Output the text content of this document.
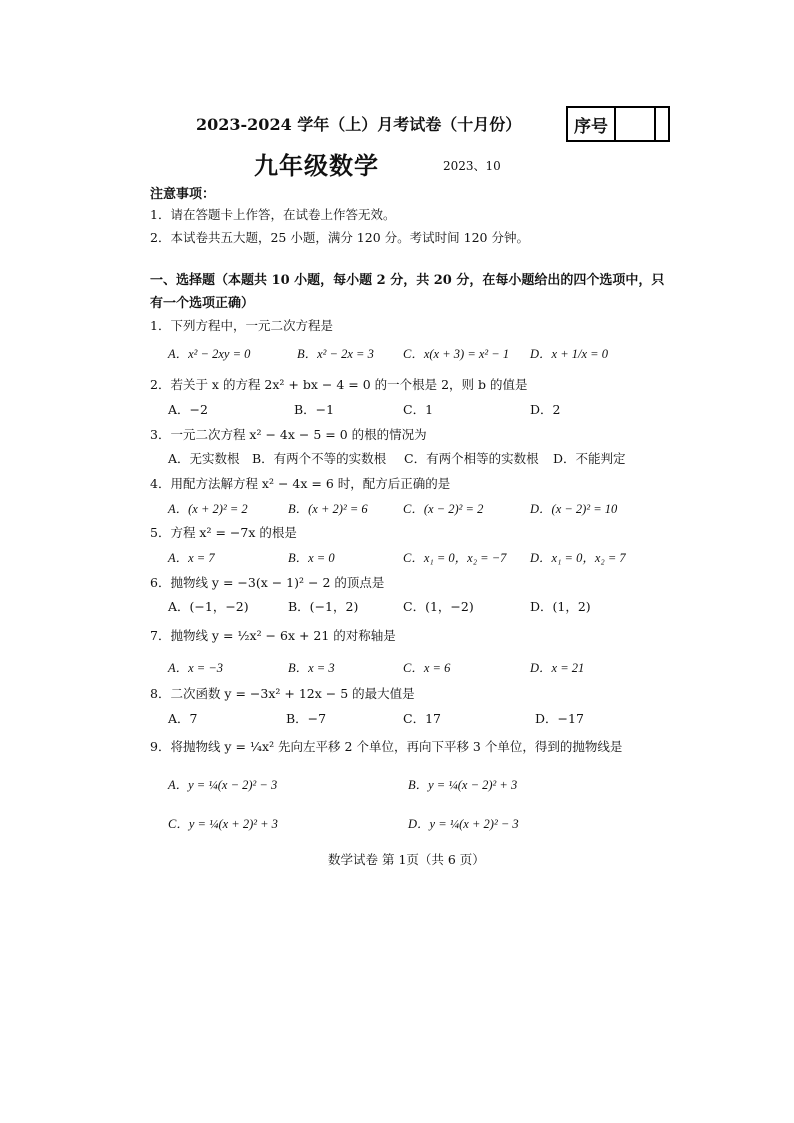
2023-2024 学年（上）月考试卷（十月份）	序号
九年级数学	2023、10
注意事项：
1．请在答题卡上作答，在试卷上作答无效。
2．本试卷共五大题，25 小题，满分 120 分。考试时间 120 分钟。
一、选择题（本题共 10 小题，每小题 2 分，共 20 分，在每小题给出的四个选项中，只
有一个选项正确）
1．下列方程中，一元二次方程是
A．x² − 2xy = 0	B．x² − 2x = 3 C．x(x + 3) = x² − 1 D．x + 1/x = 0
2．若关于 x 的方程 2x² + bx − 4 = 0 的一个根是 2，则 b 的值是
A．−2	B．−1	C．1	D．2
3．一元二次方程 x² − 4x − 5 = 0 的根的情况为
A．无实数根 B．有两个不等的实数根 C．有两个相等的实数根 D．不能判定
4．用配方法解方程 x² − 4x = 6 时，配方后正确的是
A．(x + 2)² = 2	B．(x + 2)² = 6	C．(x − 2)² = 2	D．(x − 2)² = 10
5．方程 x² = −7x 的根是
A．x = 7	B．x = 0	C．x₁ = 0，x₂ = −7 D．x₁ = 0，x₂ = 7
6．抛物线 y = −3(x − 1)² − 2 的顶点是
A．(−1，−2)	B．(−1，2)	C．(1，−2)	D．(1，2)
7．抛物线 y = ½x² − 6x + 21 的对称轴是
A．x = −3	B．x = 3	C．x = 6	D．x = 21
8．二次函数 y = −3x² + 12x − 5 的最大值是
A．7	B．−7	C．17	D．−17
9．将抛物线 y = ¼x² 先向左平移 2 个单位，再向下平移 3 个单位，得到的抛物线是
A．y = ¼(x − 2)² − 3	B．y = ¼(x − 2)² + 3
C．y = ¼(x + 2)² + 3	D．y = ¼(x + 2)² − 3
数学试卷 第 1页（共 6 页）
